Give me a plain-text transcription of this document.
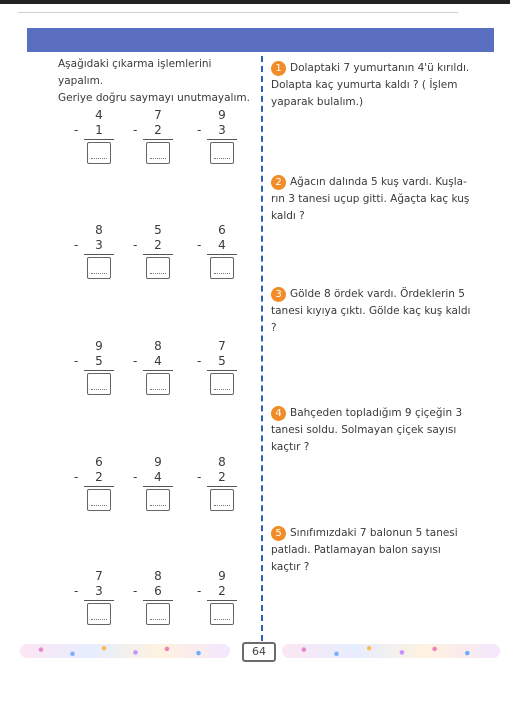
Aşağıdaki çıkarma işlemlerini yapalım.
Geriye doğru saymayı unutmayalım.
4
- 1
7
- 2
9
- 3
8
- 3
5
- 2
6
- 4
9
- 5
8
- 4
7
- 5
6
- 2
9
- 4
8
- 2
7
- 3
8
- 6
9
- 2
1 Dolaptaki 7 yumurtanın 4'ü kırıldı. Dolapta kaç yumurta kaldı ? ( İşlem yaparak bulalım.)
2 Ağacın dalında 5 kuş vardı. Kuşla-rın 3 tanesi uçup gitti. Ağaçta kaç kuş kaldı ?
3 Gölde 8 ördek vardı. Ördeklerin 5 tanesi kıyıya çıktı. Gölde kaç kuş kaldı ?
4 Bahçeden topladığım 9 çiçeğin 3 tanesi soldu. Solmayan çiçek sayısı kaçtır ?
5 Sınıfımızdaki 7 balonun 5 tanesi patladı. Patlamayan balon sayısı kaçtır ?
64
